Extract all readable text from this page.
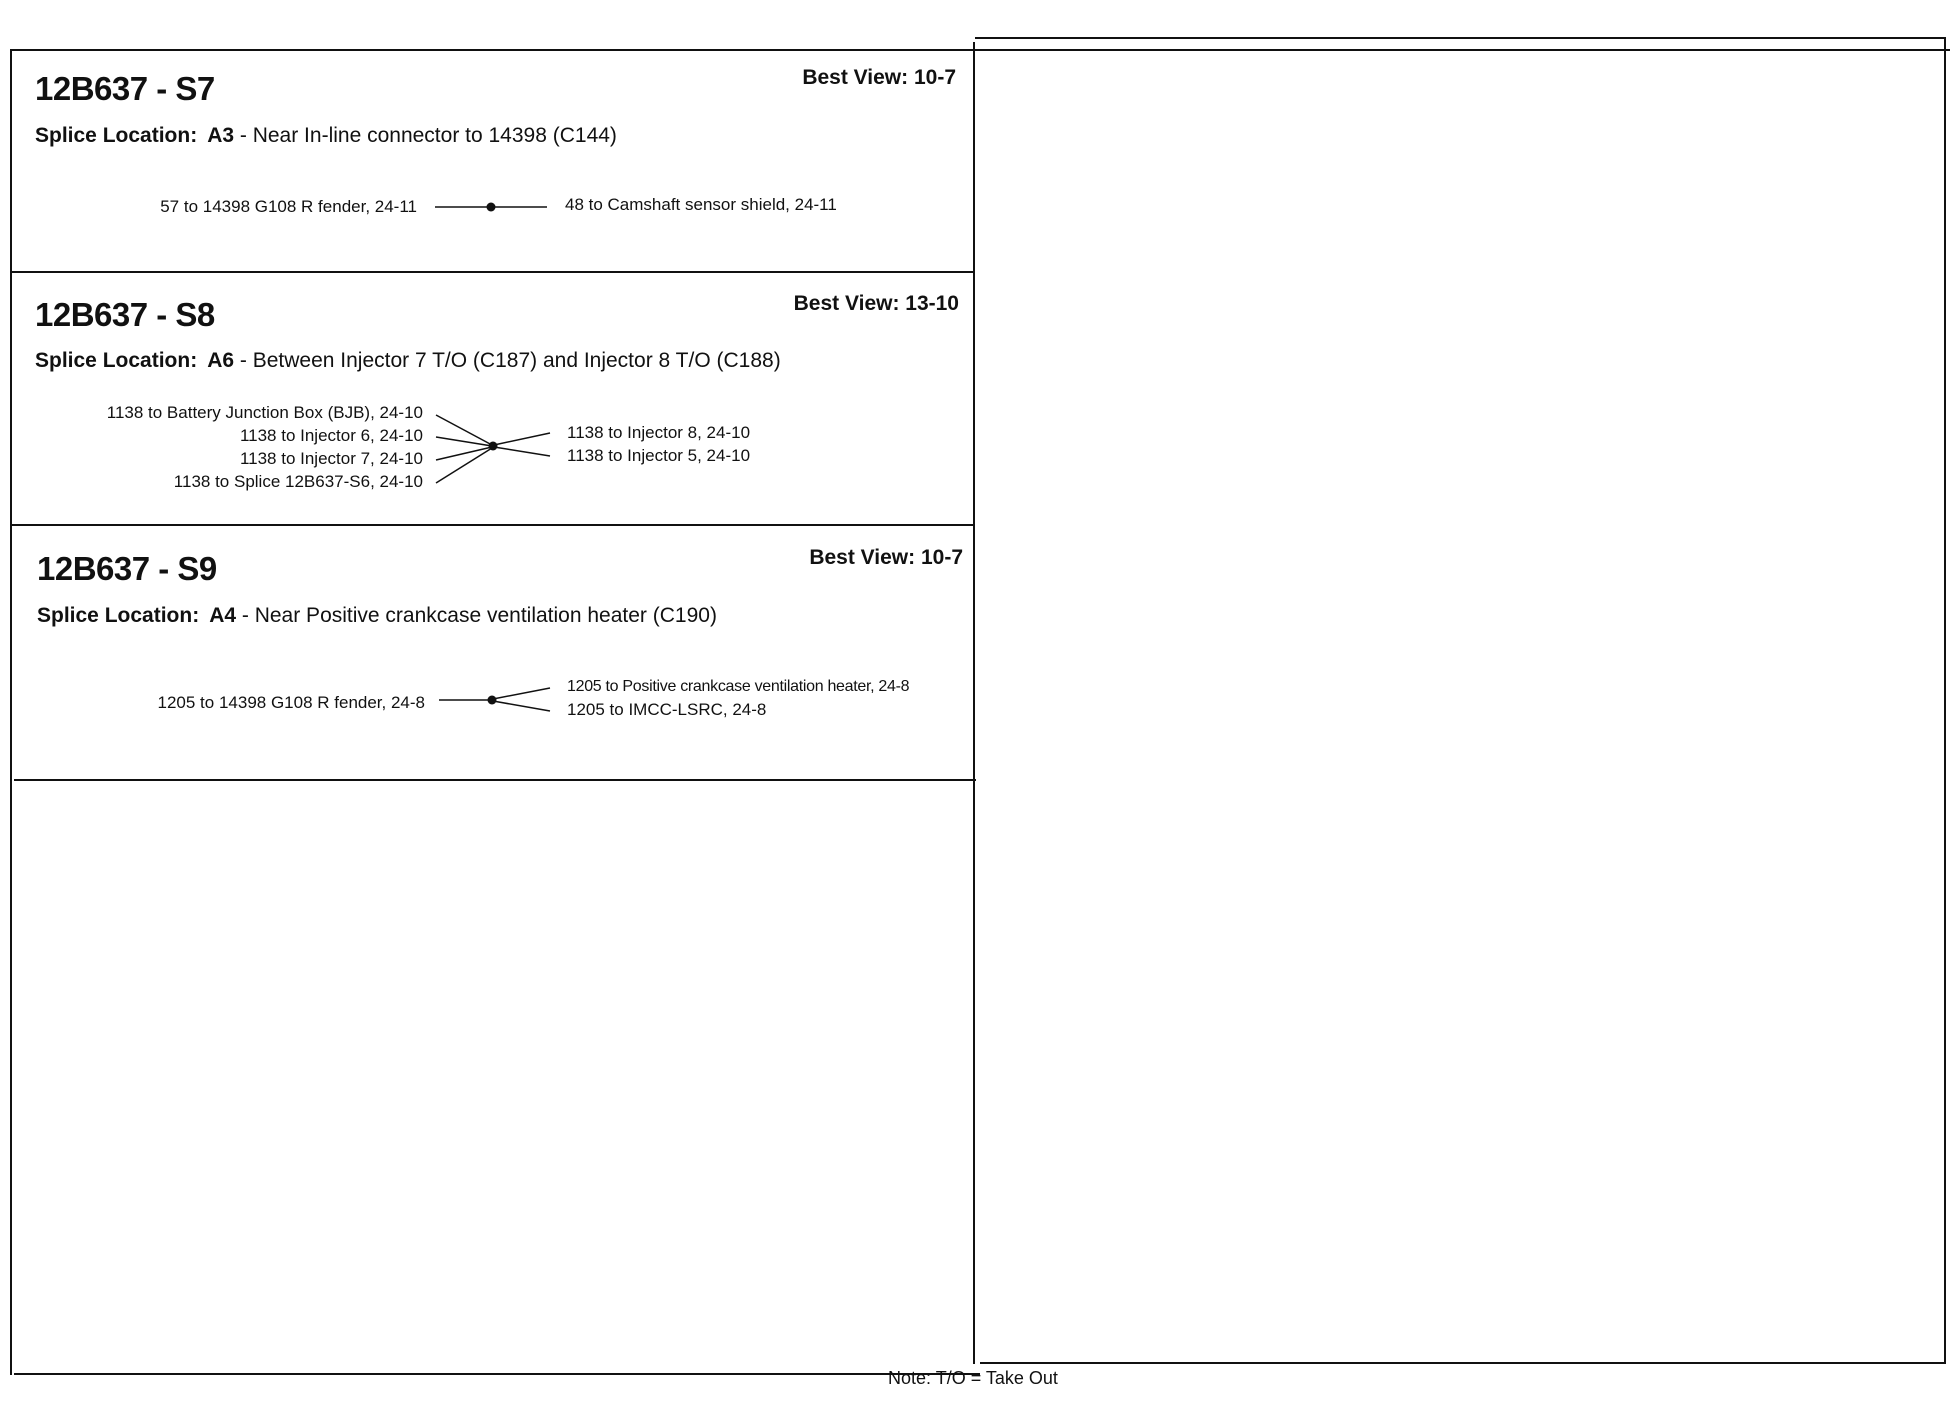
12B637 - S7	Best View: 10-7
Splice Location: A3 - Near In-line connector to 14398 (C144)
57 to 14398 G108 R fender, 24-11	48 to Camshaft sensor shield, 24-11
12B637 - S8	Best View: 13-10
Splice Location: A6 - Between Injector 7 T/O (C187) and Injector 8 T/O (C188)
1138 to Battery Junction Box (BJB), 24-10
1138 to Injector 6, 24-10
1138 to Injector 7, 24-10
1138 to Splice 12B637-S6, 24-10
1138 to Injector 8, 24-10
1138 to Injector 5, 24-10
12B637 - S9	Best View: 10-7
Splice Location: A4 - Near Positive crankcase ventilation heater (C190)
1205 to 14398 G108 R fender, 24-8
1205 to Positive crankcase ventilation heater, 24-8
1205 to IMCC-LSRC, 24-8
Note: T/O = Take Out
